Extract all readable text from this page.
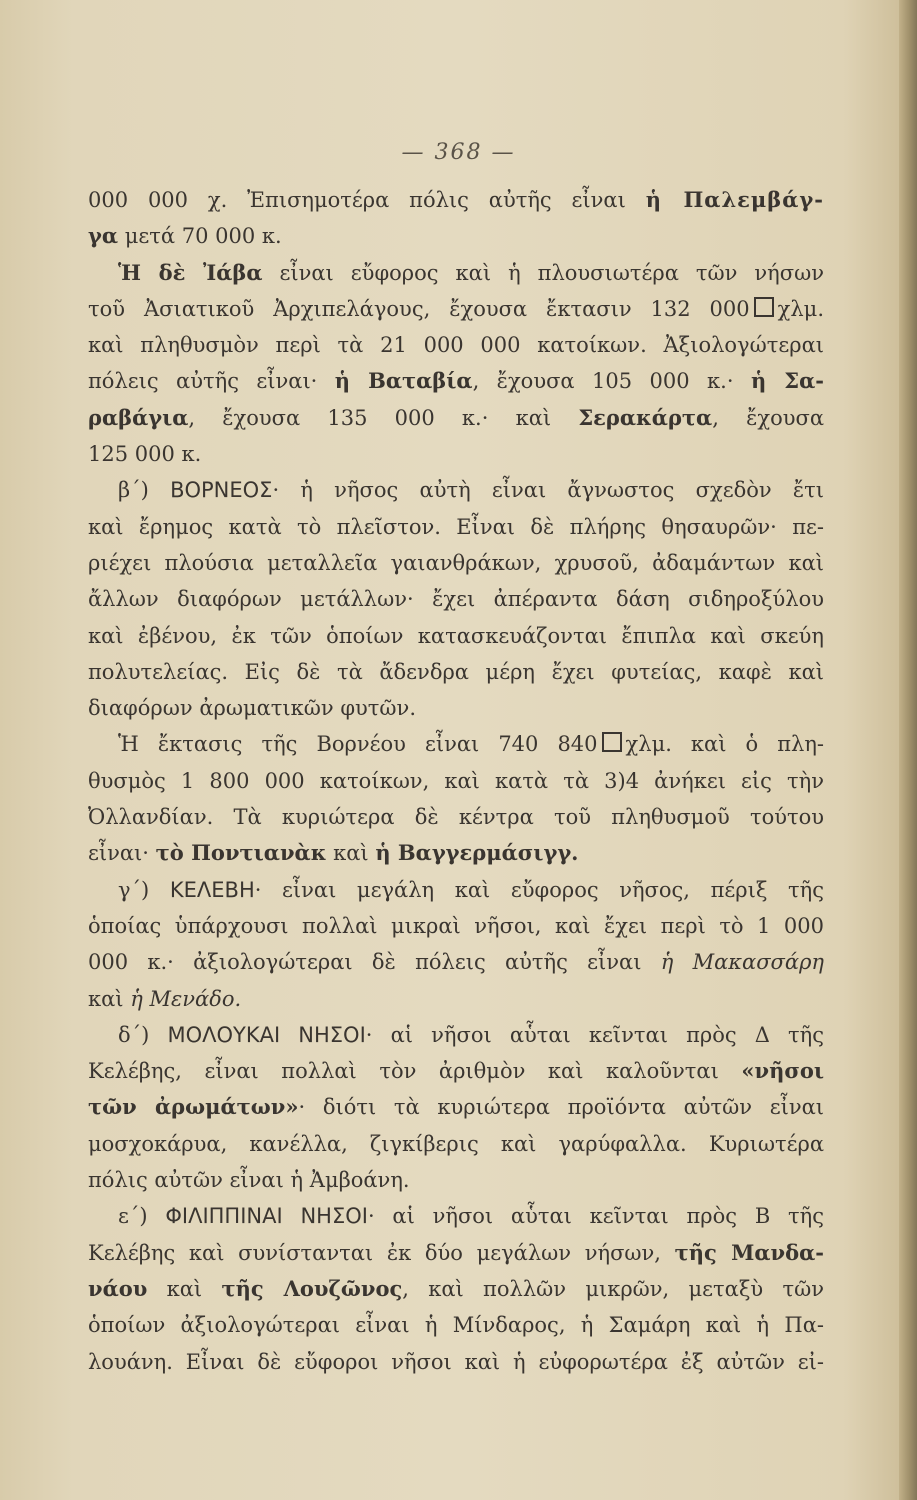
— 368 —
000 000 χ. Ἐπισημοτέρα πόλις αὐτῆς εἶναι ἡ Παλεμβάγ-
γα μετά 70 000 κ.
Ἡ δὲ Ἰάβα εἶναι εὔφορος καὶ ἡ πλουσιωτέρα τῶν νήσων
τοῦ Ἀσιατικοῦ Ἀρχιπελάγους, ἔχουσα ἔκτασιν 132 000 χλμ.
καὶ πληθυσμὸν περὶ τὰ 21 000 000 κατοίκων. Ἀξιολογώτεραι
πόλεις αὐτῆς εἶναι· ἡ Βαταβία, ἔχουσα 105 000 κ.· ἡ Σα-
ραβάγια, ἔχουσα 135 000 κ.· καὶ Σερακάρτα, ἔχουσα
125 000 κ.
β΄) ΒΟΡΝΕΟΣ· ἡ νῆσος αὐτὴ εἶναι ἄγνωστος σχεδὸν ἔτι
καὶ ἔρημος κατὰ τὸ πλεῖστον. Εἶναι δὲ πλήρης θησαυρῶν· πε-
ριέχει πλούσια μεταλλεῖα γαιανθράκων, χρυσοῦ, ἀδαμάντων καὶ
ἄλλων διαφόρων μετάλλων· ἔχει ἀπέραντα δάση σιδηροξύλου
καὶ ἐβένου, ἐκ τῶν ὁποίων κατασκευάζονται ἔπιπλα καὶ σκεύη
πολυτελείας. Εἰς δὲ τὰ ἄδενδρα μέρη ἔχει φυτείας, καφὲ καὶ
διαφόρων ἀρωματικῶν φυτῶν.
Ἡ ἔκτασις τῆς Βορνέου εἶναι 740 840 χλμ. καὶ ὁ πλη-
θυσμὸς 1 800 000 κατοίκων, καὶ κατὰ τὰ 3)4 ἀνήκει εἰς τὴν
Ὀλλανδίαν. Τὰ κυριώτερα δὲ κέντρα τοῦ πληθυσμοῦ τούτου
εἶναι· τὸ Ποντιανὰκ καὶ ἡ Βαγγερμάσιγγ.
γ΄) ΚΕΛΕΒΗ· εἶναι μεγάλη καὶ εὔφορος νῆσος, πέριξ τῆς
ὁποίας ὑπάρχουσι πολλαὶ μικραὶ νῆσοι, καὶ ἔχει περὶ τὸ 1 000
000 κ.· ἀξιολογώτεραι δὲ πόλεις αὐτῆς εἶναι ἡ Μακασσάρη
καὶ ἡ Μενάδο.
δ΄) ΜΟΛΟΥΚΑΙ ΝΗΣΟΙ· αἱ νῆσοι αὗται κεῖνται πρὸς Δ τῆς
Κελέβης, εἶναι πολλαὶ τὸν ἀριθμὸν καὶ καλοῦνται «νῆσοι
τῶν ἀρωμάτων»· διότι τὰ κυριώτερα προϊόντα αὐτῶν εἶναι
μοσχοκάρυα, κανέλλα, ζιγκίβερις καὶ γαρύφαλλα. Κυριωτέρα
πόλις αὐτῶν εἶναι ἡ Ἀμβοάνη.
ε΄) ΦΙΛΙΠΠΙΝΑΙ ΝΗΣΟΙ· αἱ νῆσοι αὗται κεῖνται πρὸς Β τῆς
Κελέβης καὶ συνίστανται ἐκ δύο μεγάλων νήσων, τῆς Μανδα-
νάου καὶ τῆς Λουζῶνος, καὶ πολλῶν μικρῶν, μεταξὺ τῶν
ὁποίων ἀξιολογώτεραι εἶναι ἡ Μίνδαρος, ἡ Σαμάρη καὶ ἡ Πα-
λουάνη. Εἶναι δὲ εὔφοροι νῆσοι καὶ ἡ εὐφορωτέρα ἐξ αὐτῶν εἰ-
